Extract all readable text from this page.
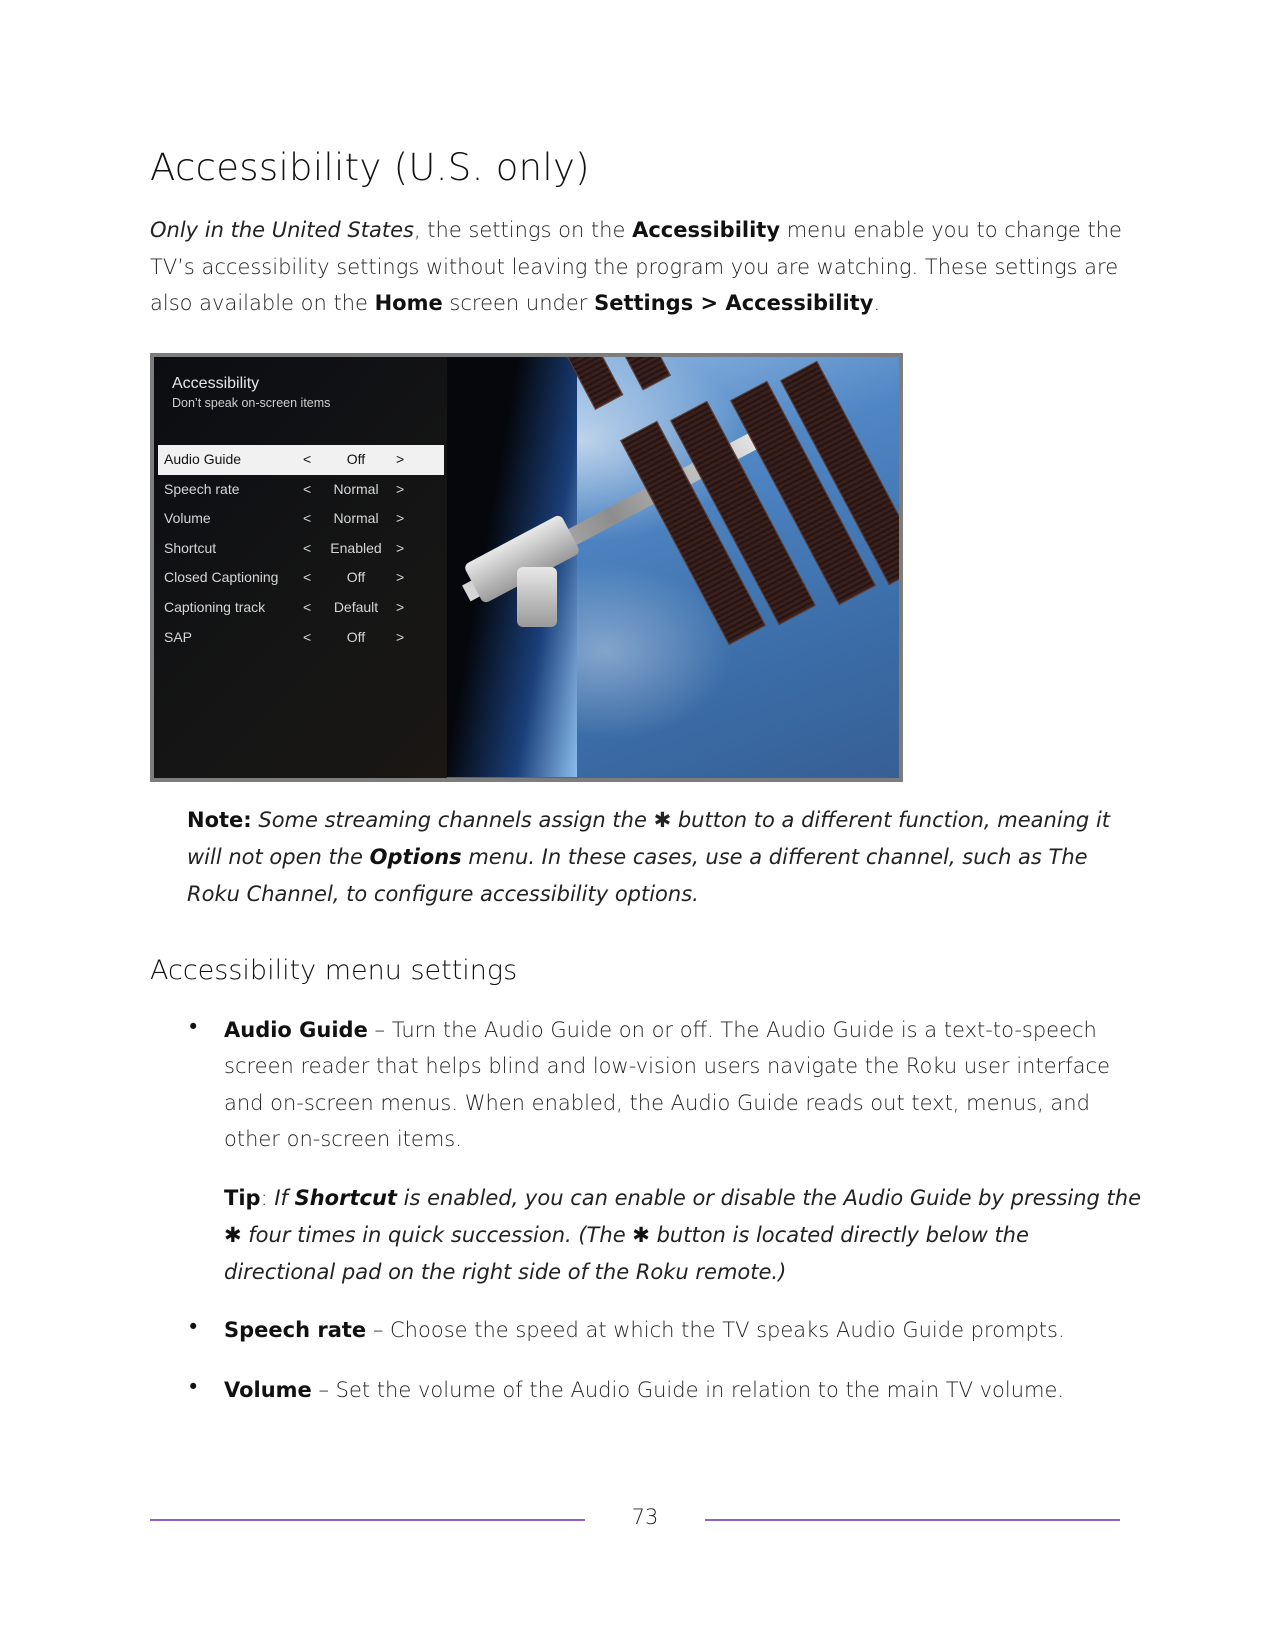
Accessibility (U.S. only)

Only in the United States, the settings on the Accessibility menu enable you to change the TV’s accessibility settings without leaving the program you are watching. These settings are also available on the Home screen under Settings > Accessibility.

Accessibility
Don’t speak on-screen items
Audio Guide	<	Off	>
Speech rate	<	Normal	>
Volume	<	Normal	>
Shortcut	<	Enabled	>
Closed Captioning <	Off	>
Captioning track	<	Default	>
SAP	<	Off	>
Note: Some streaming channels assign the ✱ button to a different function, meaning it will not open the Options menu. In these cases, use a different channel, such as The Roku Channel, to configure accessibility options.
Accessibility menu settings
• Audio Guide – Turn the Audio Guide on or off. The Audio Guide is a text-to-speech screen reader that helps blind and low-vision users navigate the Roku user interface and on-screen menus. When enabled, the Audio Guide reads out text, menus, and other on-screen items.
Tip: If Shortcut is enabled, you can enable or disable the Audio Guide by pressing the ✱ four times in quick succession. (The ✱ button is located directly below the directional pad on the right side of the Roku remote.)
• Speech rate – Choose the speed at which the TV speaks Audio Guide prompts.
• Volume – Set the volume of the Audio Guide in relation to the main TV volume.
73
